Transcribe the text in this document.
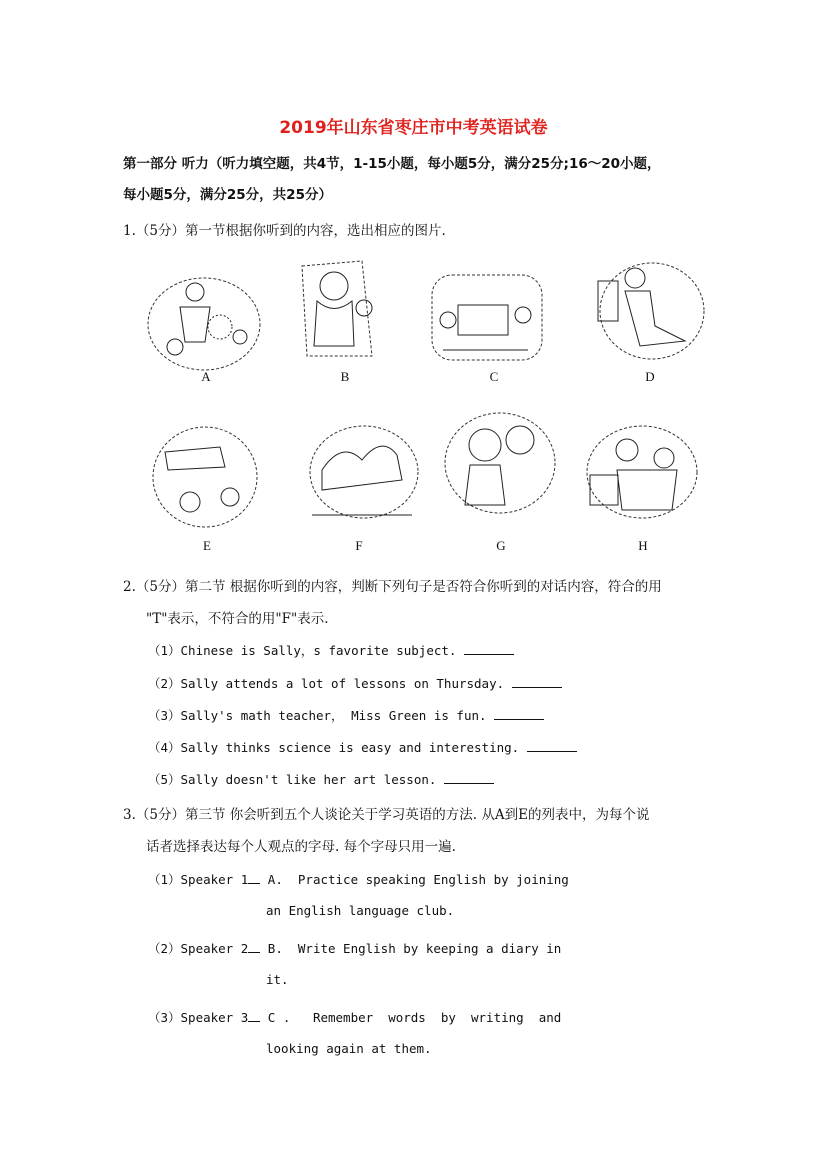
2019年山东省枣庄市中考英语试卷
第一部分 听力（听力填空题，共4节，1-15小题，每小题5分，满分25分;16～20小题，
每小题5分，满分25分，共25分）
1.（5分）第一节根据你听到的内容，选出相应的图片.
A	B	C	D
E	F	G	H
2.（5分）第二节 根据你听到的内容，判断下列句子是否符合你听到的对话内容，符合的用
"T"表示，不符合的用"F"表示.
（1）Chinese is Sally，s favorite subject.
（2）Sally attends a lot of lessons on Thursday.
（3）Sally's math teacher， Miss Green is fun.
（4）Sally thinks science is easy and interesting.
（5）Sally doesn't like her art lesson.
3.（5分）第三节 你会听到五个人谈论关于学习英语的方法. 从A到E的列表中，为每个说
话者选择表达每个人观点的字母. 每个字母只用一遍.
（1）Speaker 1 A.  Practice speaking English by joining
an English language club.
（2）Speaker 2 B.  Write English by keeping a diary in
it.
（3）Speaker 3 C .   Remember  words  by  writing  and
looking again at them.
